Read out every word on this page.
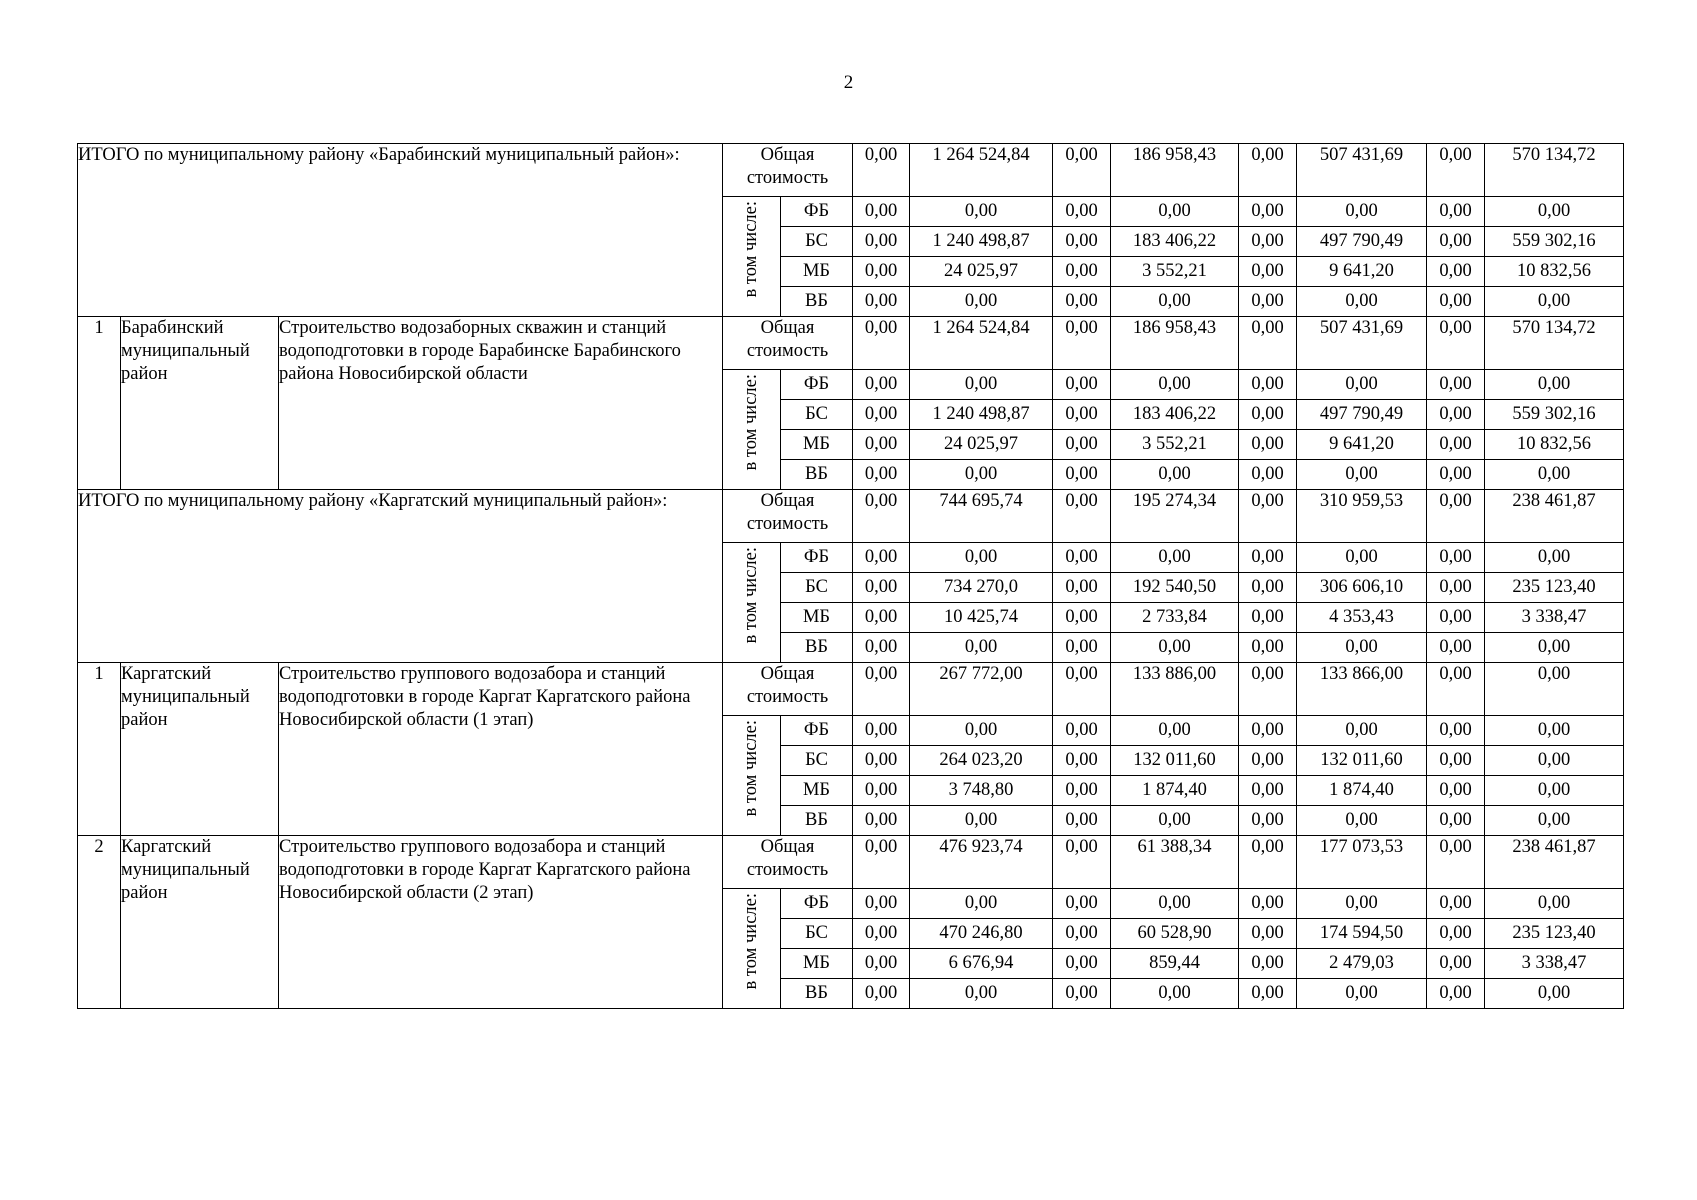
2
ИТОГО по муниципальному району «Барабинский муниципальный район»:			Общая стоимость		0,00	1 264 524,84	0,00	186 958,43	0,00	507 431,69	0,00	570 134,72
			в том числе:	ФБ	0,00	0,00	0,00	0,00	0,00	0,00	0,00	0,00
				БС	0,00	1 240 498,87	0,00	183 406,22	0,00	497 790,49	0,00	559 302,16
				МБ	0,00	24 025,97	0,00	3 552,21	0,00	9 641,20	0,00	10 832,56
				ВБ	0,00	0,00	0,00	0,00	0,00	0,00	0,00	0,00
1	Барабинский муниципальный район	Строительство водозаборных скважин и станций водоподготовки в городе Барабинске Барабинского района Новосибирской области	Общая стоимость		0,00	1 264 524,84	0,00	186 958,43	0,00	507 431,69	0,00	570 134,72
			в том числе:	ФБ	0,00	0,00	0,00	0,00	0,00	0,00	0,00	0,00
				БС	0,00	1 240 498,87	0,00	183 406,22	0,00	497 790,49	0,00	559 302,16
				МБ	0,00	24 025,97	0,00	3 552,21	0,00	9 641,20	0,00	10 832,56
				ВБ	0,00	0,00	0,00	0,00	0,00	0,00	0,00	0,00
ИТОГО по муниципальному району «Каргатский муниципальный район»:			Общая стоимость		0,00	744 695,74	0,00	195 274,34	0,00	310 959,53	0,00	238 461,87
			в том числе:	ФБ	0,00	0,00	0,00	0,00	0,00	0,00	0,00	0,00
				БС	0,00	734 270,0	0,00	192 540,50	0,00	306 606,10	0,00	235 123,40
				МБ	0,00	10 425,74	0,00	2 733,84	0,00	4 353,43	0,00	3 338,47
				ВБ	0,00	0,00	0,00	0,00	0,00	0,00	0,00	0,00
1	Каргатский муниципальный район	Строительство группового водозабора и станций водоподготовки в городе Каргат Каргатского района Новосибирской области (1 этап)	Общая стоимость		0,00	267 772,00	0,00	133 886,00	0,00	133 866,00	0,00	0,00
			в том числе:	ФБ	0,00	0,00	0,00	0,00	0,00	0,00	0,00	0,00
				БС	0,00	264 023,20	0,00	132 011,60	0,00	132 011,60	0,00	0,00
				МБ	0,00	3 748,80	0,00	1 874,40	0,00	1 874,40	0,00	0,00
				ВБ	0,00	0,00	0,00	0,00	0,00	0,00	0,00	0,00
2	Каргатский муниципальный район	Строительство группового водозабора и станций водоподготовки в городе Каргат Каргатского района Новосибирской области (2 этап)	Общая стоимость		0,00	476 923,74	0,00	61 388,34	0,00	177 073,53	0,00	238 461,87
			в том числе:	ФБ	0,00	0,00	0,00	0,00	0,00	0,00	0,00	0,00
				БС	0,00	470 246,80	0,00	60 528,90	0,00	174 594,50	0,00	235 123,40
				МБ	0,00	6 676,94	0,00	859,44	0,00	2 479,03	0,00	3 338,47
				ВБ	0,00	0,00	0,00	0,00	0,00	0,00	0,00	0,00
